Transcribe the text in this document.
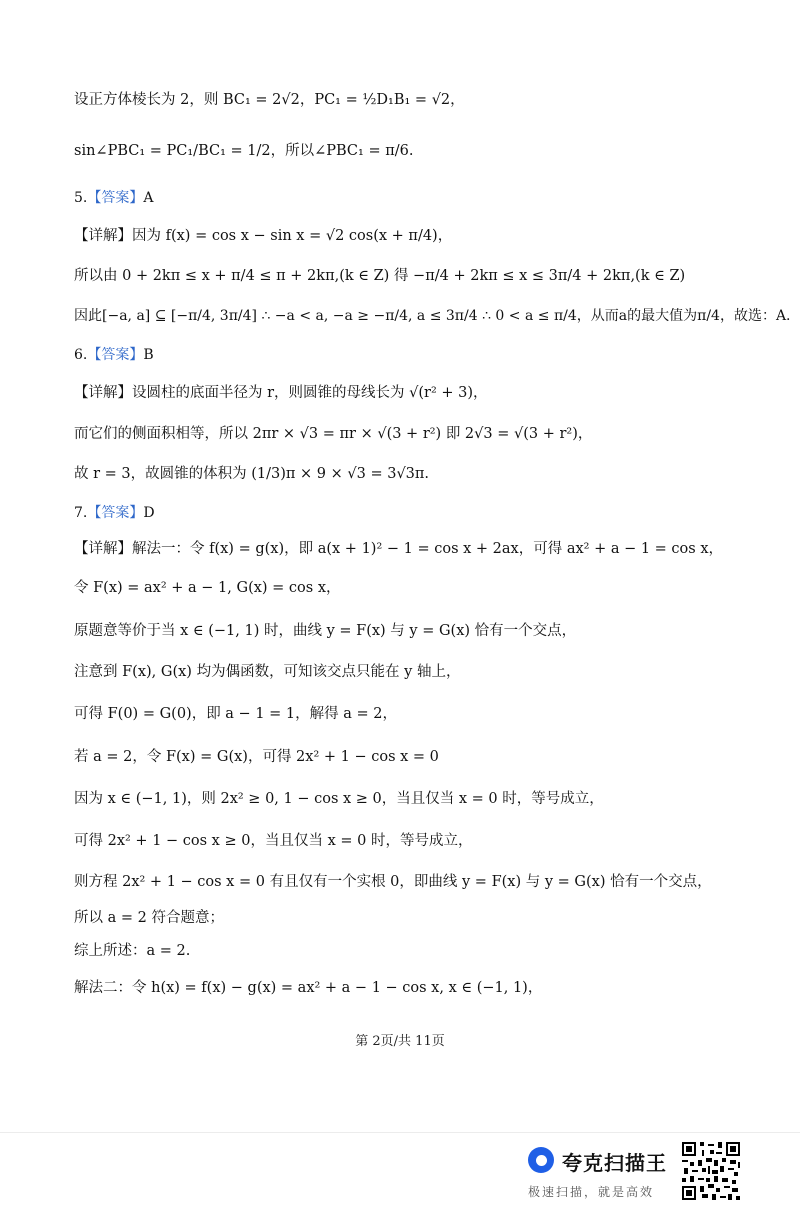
设正方体棱长为 2，则 BC₁ = 2√2，PC₁ = ½D₁B₁ = √2，
sin∠PBC₁ = PC₁/BC₁ = 1/2，所以∠PBC₁ = π/6.
5.【答案】A
【详解】因为 f(x) = cos x − sin x = √2 cos(x + π/4)，
所以由 0 + 2kπ ≤ x + π/4 ≤ π + 2kπ,(k ∈ Z) 得 −π/4 + 2kπ ≤ x ≤ 3π/4 + 2kπ,(k ∈ Z)
因此[−a, a] ⊆ [−π/4, 3π/4] ∴ −a < a, −a ≥ −π/4, a ≤ 3π/4 ∴ 0 < a ≤ π/4，从而a的最大值为π/4，故选：A.
6.【答案】B
【详解】设圆柱的底面半径为 r，则圆锥的母线长为 √(r² + 3)，
而它们的侧面积相等，所以 2πr × √3 = πr × √(3 + r²) 即 2√3 = √(3 + r²)，
故 r = 3，故圆锥的体积为 (1/3)π × 9 × √3 = 3√3π.
7.【答案】D
【详解】解法一：令 f(x) = g(x)，即 a(x + 1)² − 1 = cos x + 2ax，可得 ax² + a − 1 = cos x，
令 F(x) = ax² + a − 1, G(x) = cos x，
原题意等价于当 x ∈ (−1, 1) 时，曲线 y = F(x) 与 y = G(x) 恰有一个交点，
注意到 F(x), G(x) 均为偶函数，可知该交点只能在 y 轴上，
可得 F(0) = G(0)，即 a − 1 = 1，解得 a = 2，
若 a = 2，令 F(x) = G(x)，可得 2x² + 1 − cos x = 0
因为 x ∈ (−1, 1)，则 2x² ≥ 0, 1 − cos x ≥ 0，当且仅当 x = 0 时，等号成立，
可得 2x² + 1 − cos x ≥ 0，当且仅当 x = 0 时，等号成立，
则方程 2x² + 1 − cos x = 0 有且仅有一个实根 0，即曲线 y = F(x) 与 y = G(x) 恰有一个交点，
所以 a = 2 符合题意；
综上所述：a = 2.
解法二：令 h(x) = f(x) − g(x) = ax² + a − 1 − cos x, x ∈ (−1, 1)，
第 2页/共 11页
夸克扫描王
极速扫描，就是高效
